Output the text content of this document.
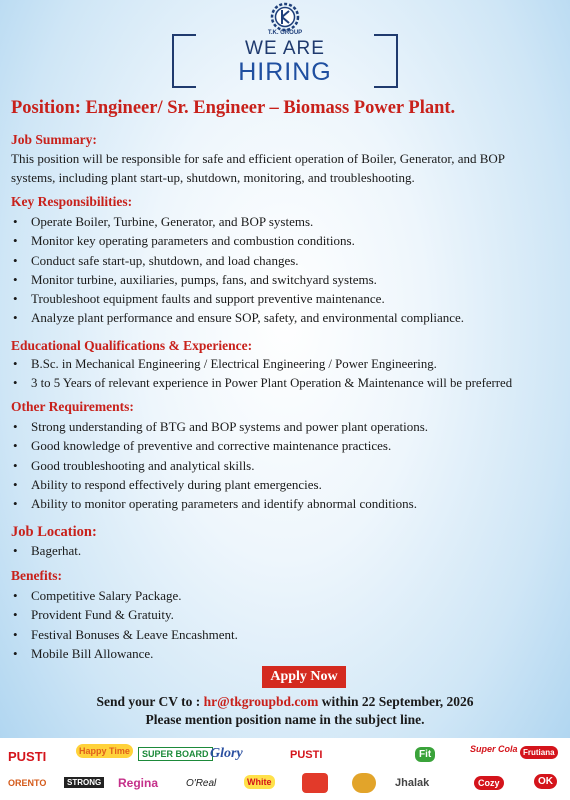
T.K. GROUP
WE ARE
HIRING
Position: Engineer/ Sr. Engineer – Biomass Power Plant.
Job Summary:
This position will be responsible for safe and efficient operation of Boiler, Generator, and BOP
systems, including plant start-up, shutdown, monitoring, and troubleshooting.
Key Responsibilities:
• Operate Boiler, Turbine, Generator, and BOP systems.
• Monitor key operating parameters and combustion conditions.
• Conduct safe start-up, shutdown, and load changes.
• Monitor turbine, auxiliaries, pumps, fans, and switchyard systems.
• Troubleshoot equipment faults and support preventive maintenance.
• Analyze plant performance and ensure SOP, safety, and environmental compliance.
Educational Qualifications & Experience:
• B.Sc. in Mechanical Engineering / Electrical Engineering / Power Engineering.
• 3 to 5 Years of relevant experience in Power Plant Operation & Maintenance will be preferred
Other Requirements:
• Strong understanding of BTG and BOP systems and power plant operations.
• Good knowledge of preventive and corrective maintenance practices.
• Good troubleshooting and analytical skills.
• Ability to respond effectively during plant emergencies.
• Ability to monitor operating parameters and identify abnormal conditions.
Job Location:
• Bagerhat.
Benefits:
• Competitive Salary Package.
• Provident Fund & Gratuity.
• Festival Bonuses & Leave Encashment.
• Mobile Bill Allowance.
Apply Now
Send your CV to : hr@tkgroupbd.com within 22 September, 2026
Please mention position name in the subject line.
PUSTI	Happy Time	SUPER BOARD Glory	PUSTI	Fit	Super Cola Frutiana
ORENTO	STRONG Regina	O'Real	White	Jhalak	Cozy	OK
